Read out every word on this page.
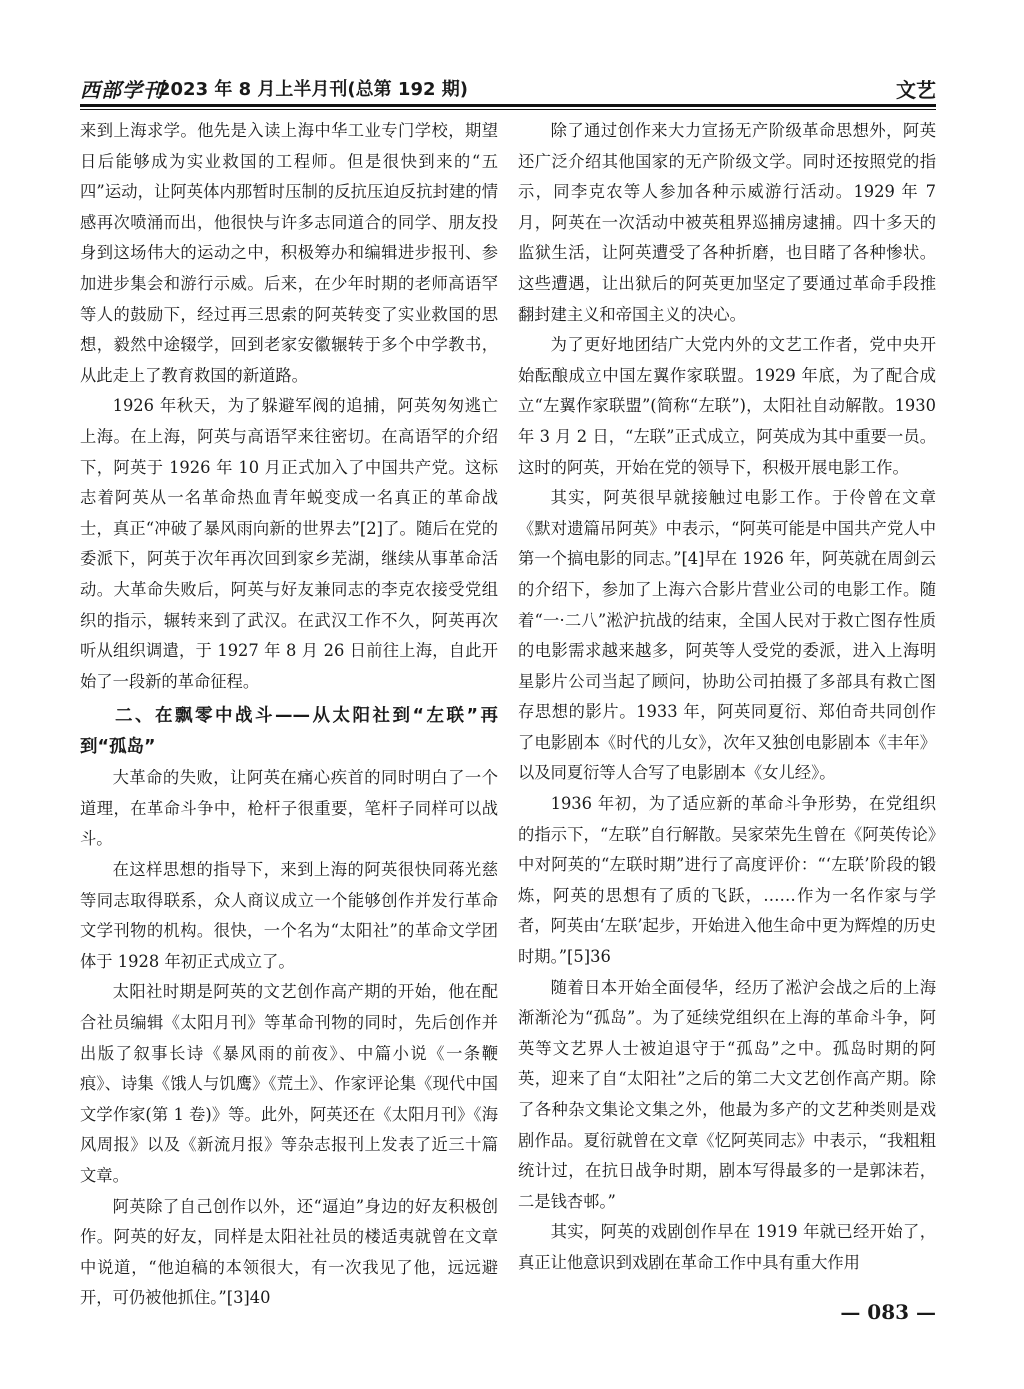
西部学刊
2023 年 8 月上半月刊(总第 192 期)	文艺

来到上海求学。他先是入读上海中华工业专门学校，期望日后能够成为实业救国的工程师。但是很快到来的“五四”运动，让阿英体内那暂时压制的反抗压迫反抗封建的情感再次喷涌而出，他很快与许多志同道合的同学、朋友投身到这场伟大的运动之中，积极筹办和编辑进步报刊、参加进步集会和游行示威。后来，在少年时期的老师高语罕等人的鼓励下，经过再三思索的阿英转变了实业救国的思想，毅然中途辍学，回到老家安徽辗转于多个中学教书，从此走上了教育救国的新道路。

1926 年秋天，为了躲避军阀的追捕，阿英匆匆逃亡上海。在上海，阿英与高语罕来往密切。在高语罕的介绍下，阿英于 1926 年 10 月正式加入了中国共产党。这标志着阿英从一名革命热血青年蜕变成一名真正的革命战士，真正“冲破了暴风雨向新的世界去”[2]了。随后在党的委派下，阿英于次年再次回到家乡芜湖，继续从事革命活动。大革命失败后，阿英与好友兼同志的李克农接受党组织的指示，辗转来到了武汉。在武汉工作不久，阿英再次听从组织调遣，于 1927 年 8 月 26 日前往上海，自此开始了一段新的革命征程。

二、在飘零中战斗——从太阳社到“左联”再到“孤岛”

大革命的失败，让阿英在痛心疾首的同时明白了一个道理，在革命斗争中，枪杆子很重要，笔杆子同样可以战斗。

在这样思想的指导下，来到上海的阿英很快同蒋光慈等同志取得联系，众人商议成立一个能够创作并发行革命文学刊物的机构。很快，一个名为“太阳社”的革命文学团体于 1928 年初正式成立了。

太阳社时期是阿英的文艺创作高产期的开始，他在配合社员编辑《太阳月刊》等革命刊物的同时，先后创作并出版了叙事长诗《暴风雨的前夜》、中篇小说《一条鞭痕》、诗集《饿人与饥鹰》《荒土》、作家评论集《现代中国文学作家(第 1 卷)》等。此外，阿英还在《太阳月刊》《海风周报》以及《新流月报》等杂志报刊上发表了近三十篇文章。

阿英除了自己创作以外，还“逼迫”身边的好友积极创作。阿英的好友，同样是太阳社社员的楼适夷就曾在文章中说道，“他迫稿的本领很大，有一次我见了他，远远避开，可仍被他抓住。”[3]40

除了通过创作来大力宣扬无产阶级革命思想外，阿英还广泛介绍其他国家的无产阶级文学。同时还按照党的指示，同李克农等人参加各种示威游行活动。1929 年 7 月，阿英在一次活动中被英租界巡捕房逮捕。四十多天的监狱生活，让阿英遭受了各种折磨，也目睹了各种惨状。这些遭遇，让出狱后的阿英更加坚定了要通过革命手段推翻封建主义和帝国主义的决心。

为了更好地团结广大党内外的文艺工作者，党中央开始酝酿成立中国左翼作家联盟。1929 年底，为了配合成立“左翼作家联盟”(简称“左联”)，太阳社自动解散。1930 年 3 月 2 日，“左联”正式成立，阿英成为其中重要一员。这时的阿英，开始在党的领导下，积极开展电影工作。

其实，阿英很早就接触过电影工作。于伶曾在文章《默对遗篇吊阿英》中表示，“阿英可能是中国共产党人中第一个搞电影的同志。”[4]早在 1926 年，阿英就在周剑云的介绍下，参加了上海六合影片营业公司的电影工作。随着“一·二八”淞沪抗战的结束，全国人民对于救亡图存性质的电影需求越来越多，阿英等人受党的委派，进入上海明星影片公司当起了顾问，协助公司拍摄了多部具有救亡图存思想的影片。1933 年，阿英同夏衍、郑伯奇共同创作了电影剧本《时代的儿女》，次年又独创电影剧本《丰年》以及同夏衍等人合写了电影剧本《女儿经》。

1936 年初，为了适应新的革命斗争形势，在党组织的指示下，“左联”自行解散。吴家荣先生曾在《阿英传论》中对阿英的“左联时期”进行了高度评价：“‘左联’阶段的锻炼，阿英的思想有了质的飞跃，……作为一名作家与学者，阿英由‘左联’起步，开始进入他生命中更为辉煌的历史时期。”[5]36

随着日本开始全面侵华，经历了淞沪会战之后的上海渐渐沦为“孤岛”。为了延续党组织在上海的革命斗争，阿英等文艺界人士被迫退守于“孤岛”之中。孤岛时期的阿英，迎来了自“太阳社”之后的第二大文艺创作高产期。除了各种杂文集论文集之外，他最为多产的文艺种类则是戏剧作品。夏衍就曾在文章《忆阿英同志》中表示，“我粗粗统计过，在抗日战争时期，剧本写得最多的一是郭沫若，二是钱杏邨。”

其实，阿英的戏剧创作早在 1919 年就已经开始了，真正让他意识到戏剧在革命工作中具有重大作用

— 083 —
